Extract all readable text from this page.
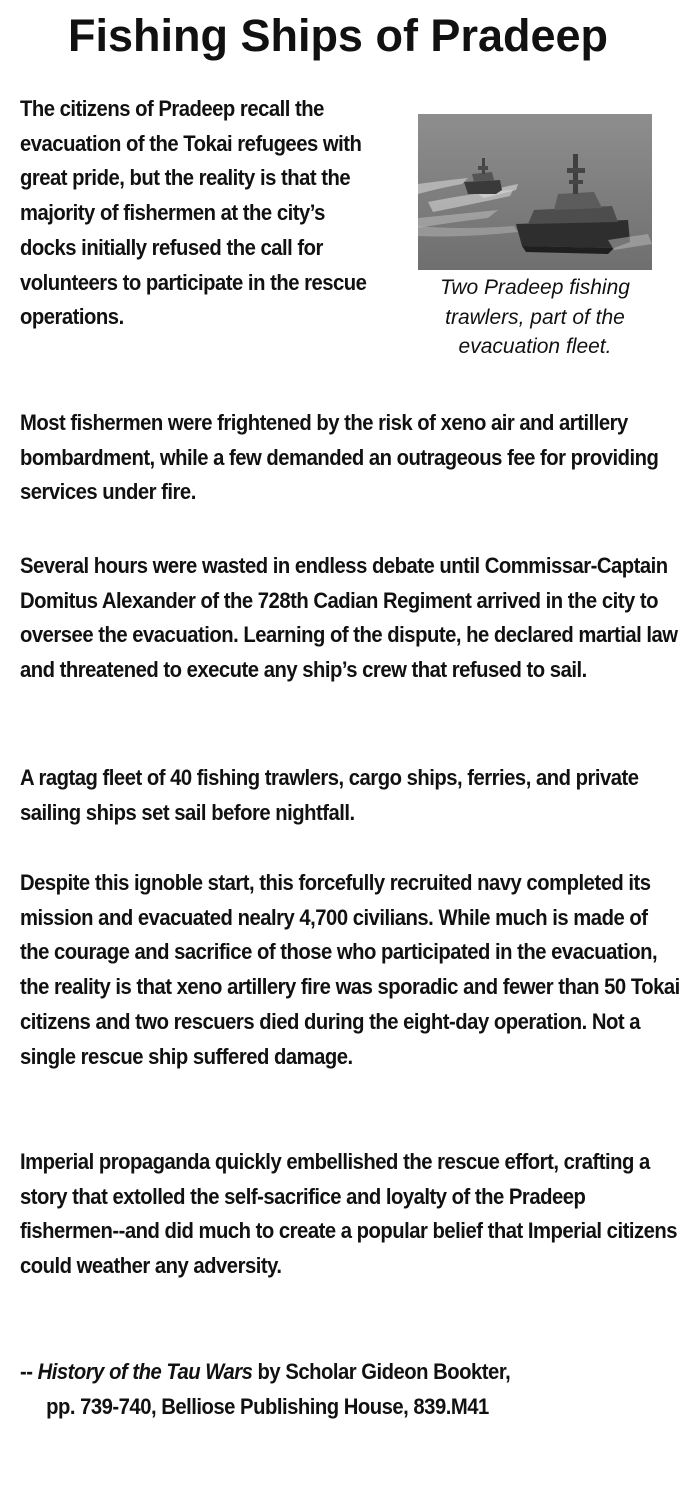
Fishing Ships of Pradeep

The citizens of Pradeep recall the evacuation of the Tokai refugees with great pride, but the reality is that the majority of fishermen at the city’s docks initially refused the call for volunteers to participate in the rescue operations.

Two Pradeep fishing trawlers, part of the evacuation fleet.

Most fishermen were frightened by the risk of xeno air and artillery bombardment, while a few demanded an outrageous fee for providing services under fire.

Several hours were wasted in endless debate until Commissar-Captain Domitus Alexander of the 728th Cadian Regiment arrived in the city to oversee the evacuation. Learning of the dispute, he declared martial law and threatened to execute any ship’s crew that refused to sail.

A ragtag fleet of 40 fishing trawlers, cargo ships, ferries, and private sailing ships set sail before nightfall.

Despite this ignoble start, this forcefully recruited navy completed its mission and evacuated nealry 4,700 civilians. While much is made of the courage and sacrifice of those who participated in the evacuation, the reality is that xeno artillery fire was sporadic and fewer than 50 Tokai citizens and two rescuers died during the eight-day operation. Not a single rescue ship suffered damage.

Imperial propaganda quickly embellished the rescue effort, crafting a story that extolled the self-sacrifice and loyalty of the Pradeep fishermen--and did much to create a popular belief that Imperial citizens could weather any adversity.

-- History of the Tau Wars by Scholar Gideon Bookter,
pp. 739-740, Belliose Publishing House, 839.M41
